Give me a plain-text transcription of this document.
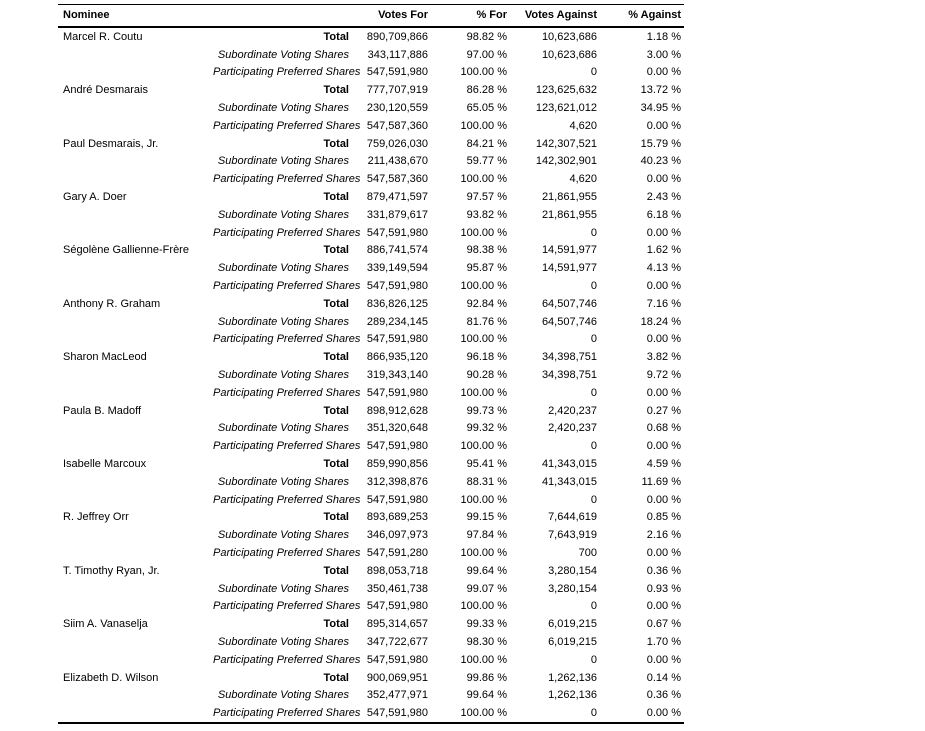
Nominee		Votes For	% For	Votes Against	% Against
Marcel R. Coutu	Total	890,709,866	98.82 %	10,623,686	1.18 %
	Subordinate Voting Shares	343,117,886	97.00 %	10,623,686	3.00 %
	Participating Preferred Shares	547,591,980	100.00 %	0	0.00 %
André Desmarais	Total	777,707,919	86.28 %	123,625,632	13.72 %
	Subordinate Voting Shares	230,120,559	65.05 %	123,621,012	34.95 %
	Participating Preferred Shares	547,587,360	100.00 %	4,620	0.00 %
Paul Desmarais, Jr.	Total	759,026,030	84.21 %	142,307,521	15.79 %
	Subordinate Voting Shares	211,438,670	59.77 %	142,302,901	40.23 %
	Participating Preferred Shares	547,587,360	100.00 %	4,620	0.00 %
Gary A. Doer	Total	879,471,597	97.57 %	21,861,955	2.43 %
	Subordinate Voting Shares	331,879,617	93.82 %	21,861,955	6.18 %
	Participating Preferred Shares	547,591,980	100.00 %	0	0.00 %
Ségolène Gallienne-Frère	Total	886,741,574	98.38 %	14,591,977	1.62 %
	Subordinate Voting Shares	339,149,594	95.87 %	14,591,977	4.13 %
	Participating Preferred Shares	547,591,980	100.00 %	0	0.00 %
Anthony R. Graham	Total	836,826,125	92.84 %	64,507,746	7.16 %
	Subordinate Voting Shares	289,234,145	81.76 %	64,507,746	18.24 %
	Participating Preferred Shares	547,591,980	100.00 %	0	0.00 %
Sharon MacLeod	Total	866,935,120	96.18 %	34,398,751	3.82 %
	Subordinate Voting Shares	319,343,140	90.28 %	34,398,751	9.72 %
	Participating Preferred Shares	547,591,980	100.00 %	0	0.00 %
Paula B. Madoff	Total	898,912,628	99.73 %	2,420,237	0.27 %
	Subordinate Voting Shares	351,320,648	99.32 %	2,420,237	0.68 %
	Participating Preferred Shares	547,591,980	100.00 %	0	0.00 %
Isabelle Marcoux	Total	859,990,856	95.41 %	41,343,015	4.59 %
	Subordinate Voting Shares	312,398,876	88.31 %	41,343,015	11.69 %
	Participating Preferred Shares	547,591,980	100.00 %	0	0.00 %
R. Jeffrey Orr	Total	893,689,253	99.15 %	7,644,619	0.85 %
	Subordinate Voting Shares	346,097,973	97.84 %	7,643,919	2.16 %
	Participating Preferred Shares	547,591,280	100.00 %	700	0.00 %
T. Timothy Ryan, Jr.	Total	898,053,718	99.64 %	3,280,154	0.36 %
	Subordinate Voting Shares	350,461,738	99.07 %	3,280,154	0.93 %
	Participating Preferred Shares	547,591,980	100.00 %	0	0.00 %
Siim A. Vanaselja	Total	895,314,657	99.33 %	6,019,215	0.67 %
	Subordinate Voting Shares	347,722,677	98.30 %	6,019,215	1.70 %
	Participating Preferred Shares	547,591,980	100.00 %	0	0.00 %
Elizabeth D. Wilson	Total	900,069,951	99.86 %	1,262,136	0.14 %
	Subordinate Voting Shares	352,477,971	99.64 %	1,262,136	0.36 %
	Participating Preferred Shares	547,591,980	100.00 %	0	0.00 %
